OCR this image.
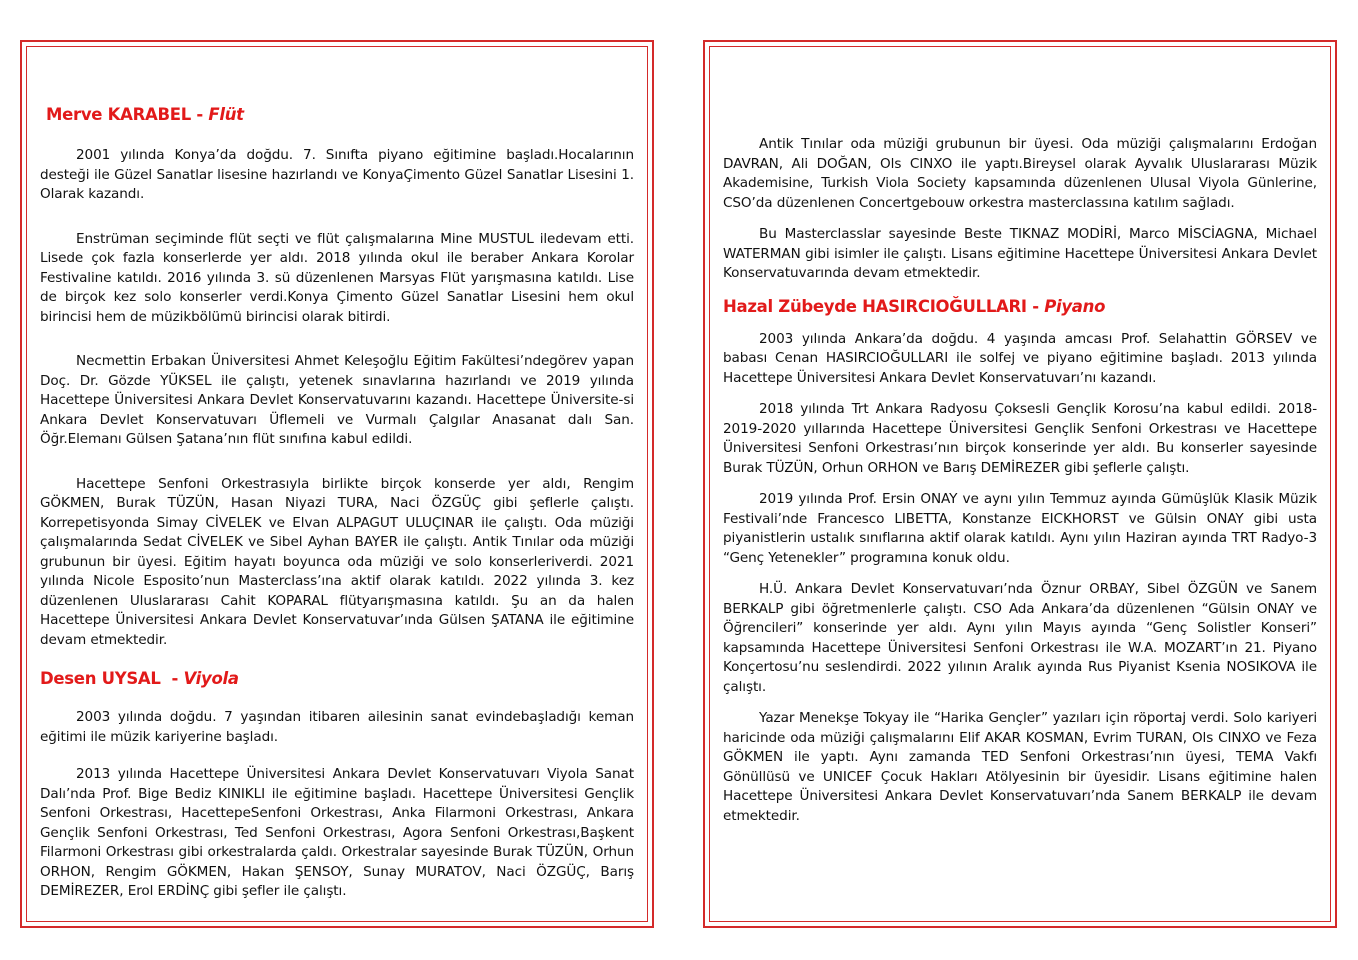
Merve KARABEL - Flüt

2001 yılında Konya’da doğdu. 7. Sınıfta piyano eğitimine başladı.Hocalarının desteği ile Güzel Sanatlar lisesine hazırlandı ve KonyaÇimento Güzel Sanatlar Lisesini 1. Olarak kazandı.

Enstrüman seçiminde flüt seçti ve flüt çalışmalarına Mine MUSTUL iledevam etti. Lisede çok fazla konserlerde yer aldı. 2018 yılında okul ile beraber Ankara Korolar Festivaline katıldı. 2016 yılında 3. sü düzenlenen Marsyas Flüt yarışmasına katıldı. Lise de birçok kez solo konserler verdi.Konya Çimento Güzel Sanatlar Lisesini hem okul birincisi hem de müzikbölümü birincisi olarak bitirdi.

Necmettin Erbakan Üniversitesi Ahmet Keleşoğlu Eğitim Fakültesi’ndegörev yapan Doç. Dr. Gözde YÜKSEL ile çalıştı, yetenek sınavlarına hazırlandı ve 2019 yılında Hacettepe Üniversitesi Ankara Devlet Konservatuvarını kazandı. Hacettepe Üniversite-si Ankara Devlet Konservatuvarı Üflemeli ve Vurmalı Çalgılar Anasanat dalı San. Öğr.Elemanı Gülsen Şatana’nın flüt sınıfına kabul edildi.

Hacettepe Senfoni Orkestrasıyla birlikte birçok konserde yer aldı, Rengim GÖKMEN, Burak TÜZÜN, Hasan Niyazi TURA, Naci ÖZGÜÇ gibi şeflerle çalıştı. Korrepetisyonda Simay CİVELEK ve Elvan ALPAGUT ULUÇINAR ile çalıştı. Oda müziği çalışmalarında Sedat CİVELEK ve Sibel Ayhan BAYER ile çalıştı. Antik Tınılar oda müziği grubunun bir üyesi. Eğitim hayatı boyunca oda müziği ve solo konserleriverdi. 2021 yılında Nicole Esposito’nun Masterclass’ına aktif olarak katıldı. 2022 yılında 3. kez düzenlenen Uluslararası Cahit KOPARAL flütyarışmasına katıldı. Şu an da halen Hacettepe Üniversitesi Ankara Devlet Konservatuvar’ında Gülsen ŞATANA ile eğitimine devam etmektedir.

Desen UYSAL  - Viyola

2003 yılında doğdu. 7 yaşından itibaren ailesinin sanat evindebaşladığı keman eğitimi ile müzik kariyerine başladı.

2013 yılında Hacettepe Üniversitesi Ankara Devlet Konservatuvarı Viyola Sanat Dalı’nda Prof. Bige Bediz KINIKLI ile eğitimine başladı. Hacettepe Üniversitesi Gençlik Senfoni Orkestrası, HacettepeSenfoni Orkestrası, Anka Filarmoni Orkestrası, Ankara Gençlik Senfoni Orkestrası, Ted Senfoni Orkestrası, Agora Senfoni Orkestrası,Başkent Filarmoni Orkestrası gibi orkestralarda çaldı. Orkestralar sayesinde Burak TÜZÜN, Orhun ORHON, Rengim GÖKMEN, Hakan ŞENSOY, Sunay MURATOV, Naci ÖZGÜÇ, Barış DEMİREZER, Erol ERDİNÇ gibi şefler ile çalıştı.

Antik Tınılar oda müziği grubunun bir üyesi. Oda müziği çalışmalarını Erdoğan DAVRAN, Ali DOĞAN, Ols CINXO ile yaptı.Bireysel olarak Ayvalık Uluslararası Müzik Akademisine, Turkish Viola Society kapsamında düzenlenen Ulusal Viyola Günlerine, CSO’da düzenlenen Concertgebouw orkestra masterclassına katılım sağladı.

Bu Masterclasslar sayesinde Beste TIKNAZ MODİRİ, Marco MİSCİAGNA, Michael WATERMAN gibi isimler ile çalıştı. Lisans eğitimine Hacettepe Üniversitesi Ankara Devlet Konservatuvarında devam etmektedir.

Hazal Zübeyde HASIRCIOĞULLARI - Piyano

2003 yılında Ankara’da doğdu. 4 yaşında amcası Prof. Selahattin GÖRSEV ve babası Cenan HASIRCIOĞULLARI ile solfej ve piyano eğitimine başladı. 2013 yılında Hacettepe Üniversitesi Ankara Devlet Konservatuvarı’nı kazandı.

2018 yılında Trt Ankara Radyosu Çoksesli Gençlik Korosu’na kabul edildi. 2018-2019-2020 yıllarında Hacettepe Üniversitesi Gençlik Senfoni Orkestrası ve Hacettepe Üniversitesi Senfoni Orkestrası’nın birçok konserinde yer aldı. Bu konserler sayesinde Burak TÜZÜN, Orhun ORHON ve Barış DEMİREZER gibi şeflerle çalıştı.

2019 yılında Prof. Ersin ONAY ve aynı yılın Temmuz ayında Gümüşlük Klasik Müzik Festivali’nde Francesco LIBETTA, Konstanze EICKHORST ve Gülsin ONAY gibi usta piyanistlerin ustalık sınıflarına aktif olarak katıldı. Aynı yılın Haziran ayında TRT Radyo-3 “Genç Yetenekler” programına konuk oldu.

H.Ü. Ankara Devlet Konservatuvarı’nda Öznur ORBAY, Sibel ÖZGÜN ve Sanem BERKALP gibi öğretmenlerle çalıştı. CSO Ada Ankara’da düzenlenen “Gülsin ONAY ve Öğrencileri” konserinde yer aldı. Aynı yılın Mayıs ayında “Genç Solistler Konseri” kapsamında Hacettepe Üniversitesi Senfoni Orkestrası ile W.A. MOZART’ın 21. Piyano Konçertosu’nu seslendirdi. 2022 yılının Aralık ayında Rus Piyanist Ksenia NOSIKOVA ile çalıştı.

Yazar Menekşe Tokyay ile “Harika Gençler” yazıları için röportaj verdi. Solo kariyeri haricinde oda müziği çalışmalarını Elif AKAR KOSMAN, Evrim TURAN, Ols CINXO ve Feza GÖKMEN ile yaptı. Aynı zamanda TED Senfoni Orkestrası’nın üyesi, TEMA Vakfı Gönüllüsü ve UNICEF Çocuk Hakları Atölyesinin bir üyesidir. Lisans eğitimine halen Hacettepe Üniversitesi Ankara Devlet Konservatuvarı’nda Sanem BERKALP ile devam etmektedir.
